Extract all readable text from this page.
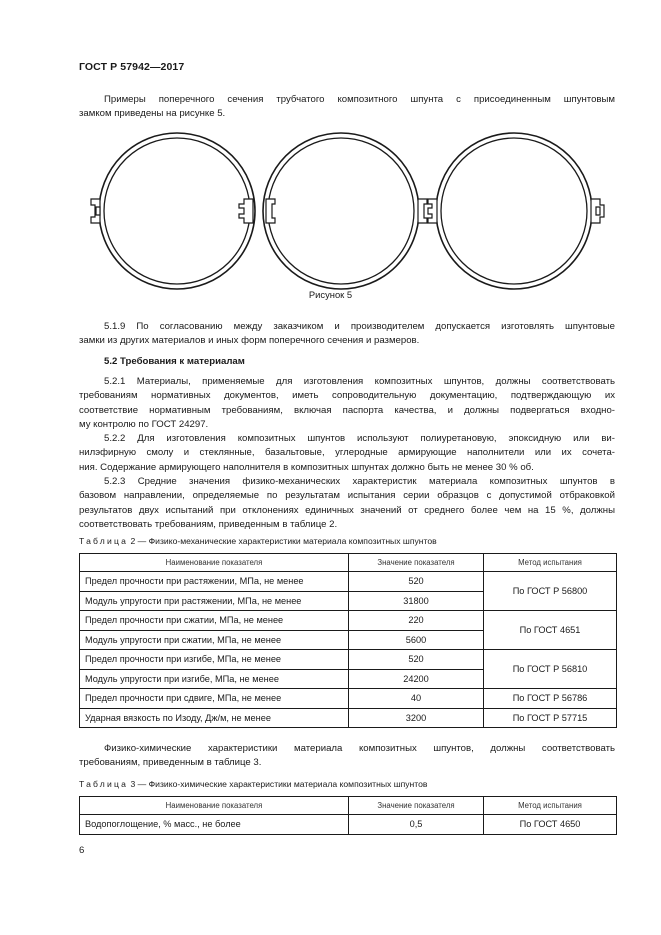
ГОСТ Р 57942—2017
Примеры поперечного сечения трубчатого композитного шпунта с присоединенным шпунтовым
замком приведены на рисунке 5.
Рисунок 5
5.1.9 По согласованию между заказчиком и производителем допускается изготовлять шпунтовые
замки из других материалов и иных форм поперечного сечения и размеров.
5.2 Требования к материалам
5.2.1 Материалы, применяемые для изготовления композитных шпунтов, должны соответствовать
требованиям нормативных документов, иметь сопроводительную документацию, подтверждающую их
соответствие нормативным требованиям, включая паспорта качества, и должны подвергаться входно-
му контролю по ГОСТ 24297.
5.2.2 Для изготовления композитных шпунтов используют полиуретановую, эпоксидную или ви-
нилэфирную смолу и стеклянные, базальтовые, углеродные армирующие наполнители или их сочета-
ния. Содержание армирующего наполнителя в композитных шпунтах должно быть не менее 30 % об.
5.2.3 Средние значения физико-механических характеристик материала композитных шпунтов в
базовом направлении, определяемые по результатам испытания серии образцов с допустимой отбраковкой
результатов двух испытаний при отклонениях единичных значений от среднего более чем на 15 %, должны
соответствовать требованиям, приведенным в таблице 2.
Таблица 2 — Физико-механические характеристики материала композитных шпунтов
Наименование показателя	Значение показателя	Метод испытания
Предел прочности при растяжении, МПа, не менее	520	По ГОСТ Р 56800
Модуль упругости при растяжении, МПа, не менее	31800	
Предел прочности при сжатии, МПа, не менее	220	По ГОСТ 4651
Модуль упругости при сжатии, МПа, не менее	5600	
Предел прочности при изгибе, МПа, не менее	520	По ГОСТ Р 56810
Модуль упругости при изгибе, МПа, не менее	24200	
Предел прочности при сдвиге, МПа, не менее	40	По ГОСТ Р 56786
Ударная вязкость по Изоду, Дж/м, не менее	3200	По ГОСТ Р 57715
Физико-химические характеристики материала композитных шпунтов, должны соответствовать
требованиям, приведенным в таблице 3.
Таблица 3 — Физико-химические характеристики материала композитных шпунтов
Наименование показателя	Значение показателя	Метод испытания
Водопоглощение, % масс., не более	0,5	По ГОСТ 4650
6
